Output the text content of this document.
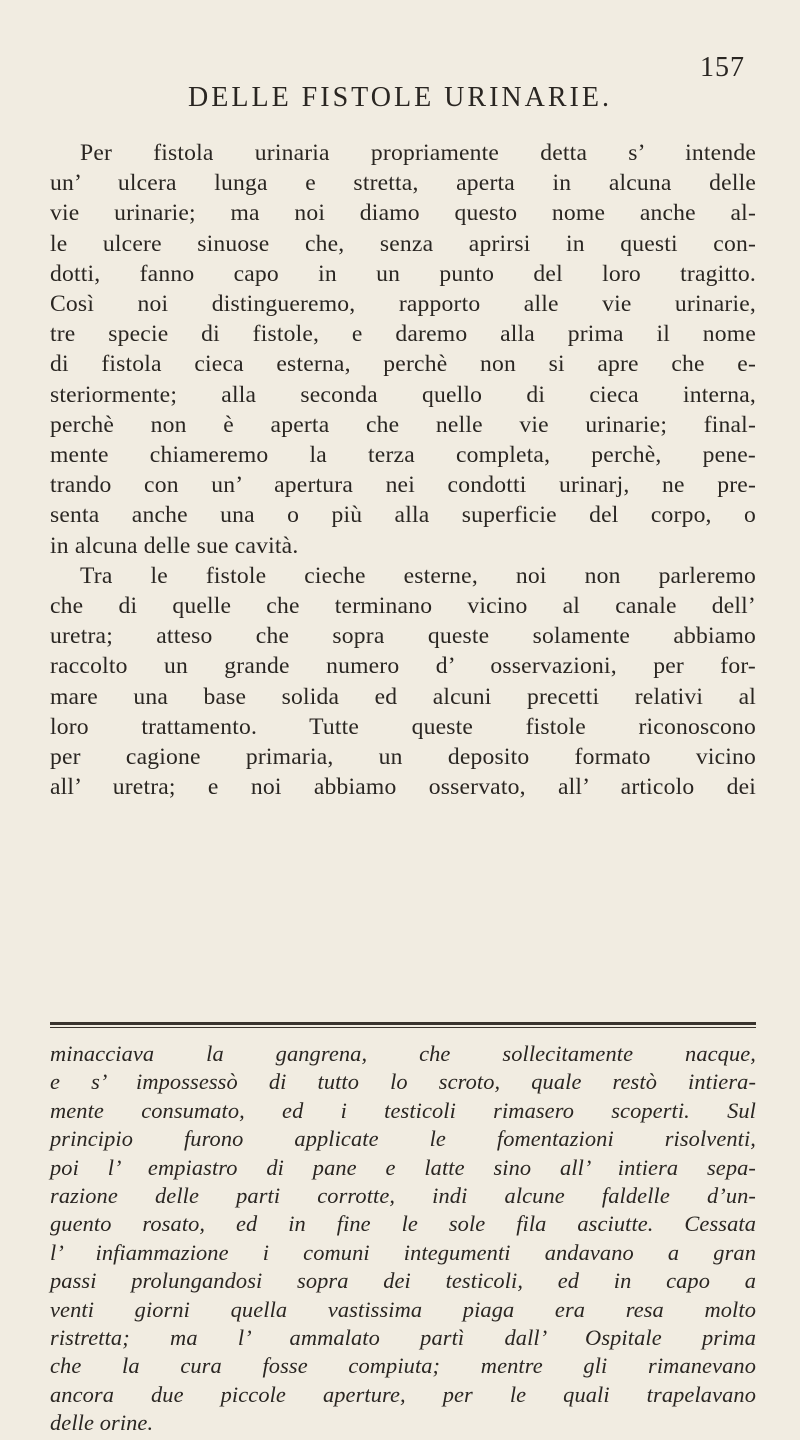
157
DELLE FISTOLE URINARIE.
Per fistola urinaria propriamente detta s’ intende
un’ ulcera lunga e stretta, aperta in alcuna delle
vie urinarie; ma noi diamo questo nome anche al-
le ulcere sinuose che, senza aprirsi in questi con-
dotti, fanno capo in un punto del loro tragitto.
Così noi distingueremo, rapporto alle vie urinarie,
tre specie di fistole, e daremo alla prima il nome
di fistola cieca esterna, perchè non si apre che e-
steriormente; alla seconda quello di cieca interna,
perchè non è aperta che nelle vie urinarie; final-
mente chiameremo la terza completa, perchè, pene-
trando con un’ apertura nei condotti urinarj, ne pre-
senta anche una o più alla superficie del corpo, o
in alcuna delle sue cavità.
Tra le fistole cieche esterne, noi non parleremo
che di quelle che terminano vicino al canale dell’
uretra; atteso che sopra queste solamente abbiamo
raccolto un grande numero d’ osservazioni, per for-
mare una base solida ed alcuni precetti relativi al
loro trattamento. Tutte queste fistole riconoscono
per cagione primaria, un deposito formato vicino
all’ uretra; e noi abbiamo osservato, all’ articolo dei
minacciava la gangrena, che sollecitamente nacque,
e s’ impossessò di tutto lo scroto, quale restò intiera-
mente consumato, ed i testicoli rimasero scoperti. Sul
principio furono applicate le fomentazioni risolventi,
poi l’ empiastro di pane e latte sino all’ intiera sepa-
razione delle parti corrotte, indi alcune faldelle d’un-
guento rosato, ed in fine le sole fila asciutte. Cessata
l’ infiammazione i comuni integumenti andavano a gran
passi prolungandosi sopra dei testicoli, ed in capo a
venti giorni quella vastissima piaga era resa molto
ristretta; ma l’ ammalato partì dall’ Ospitale prima
che la cura fosse compiuta; mentre gli rimanevano
ancora due piccole aperture, per le quali trapelavano
delle orine.
